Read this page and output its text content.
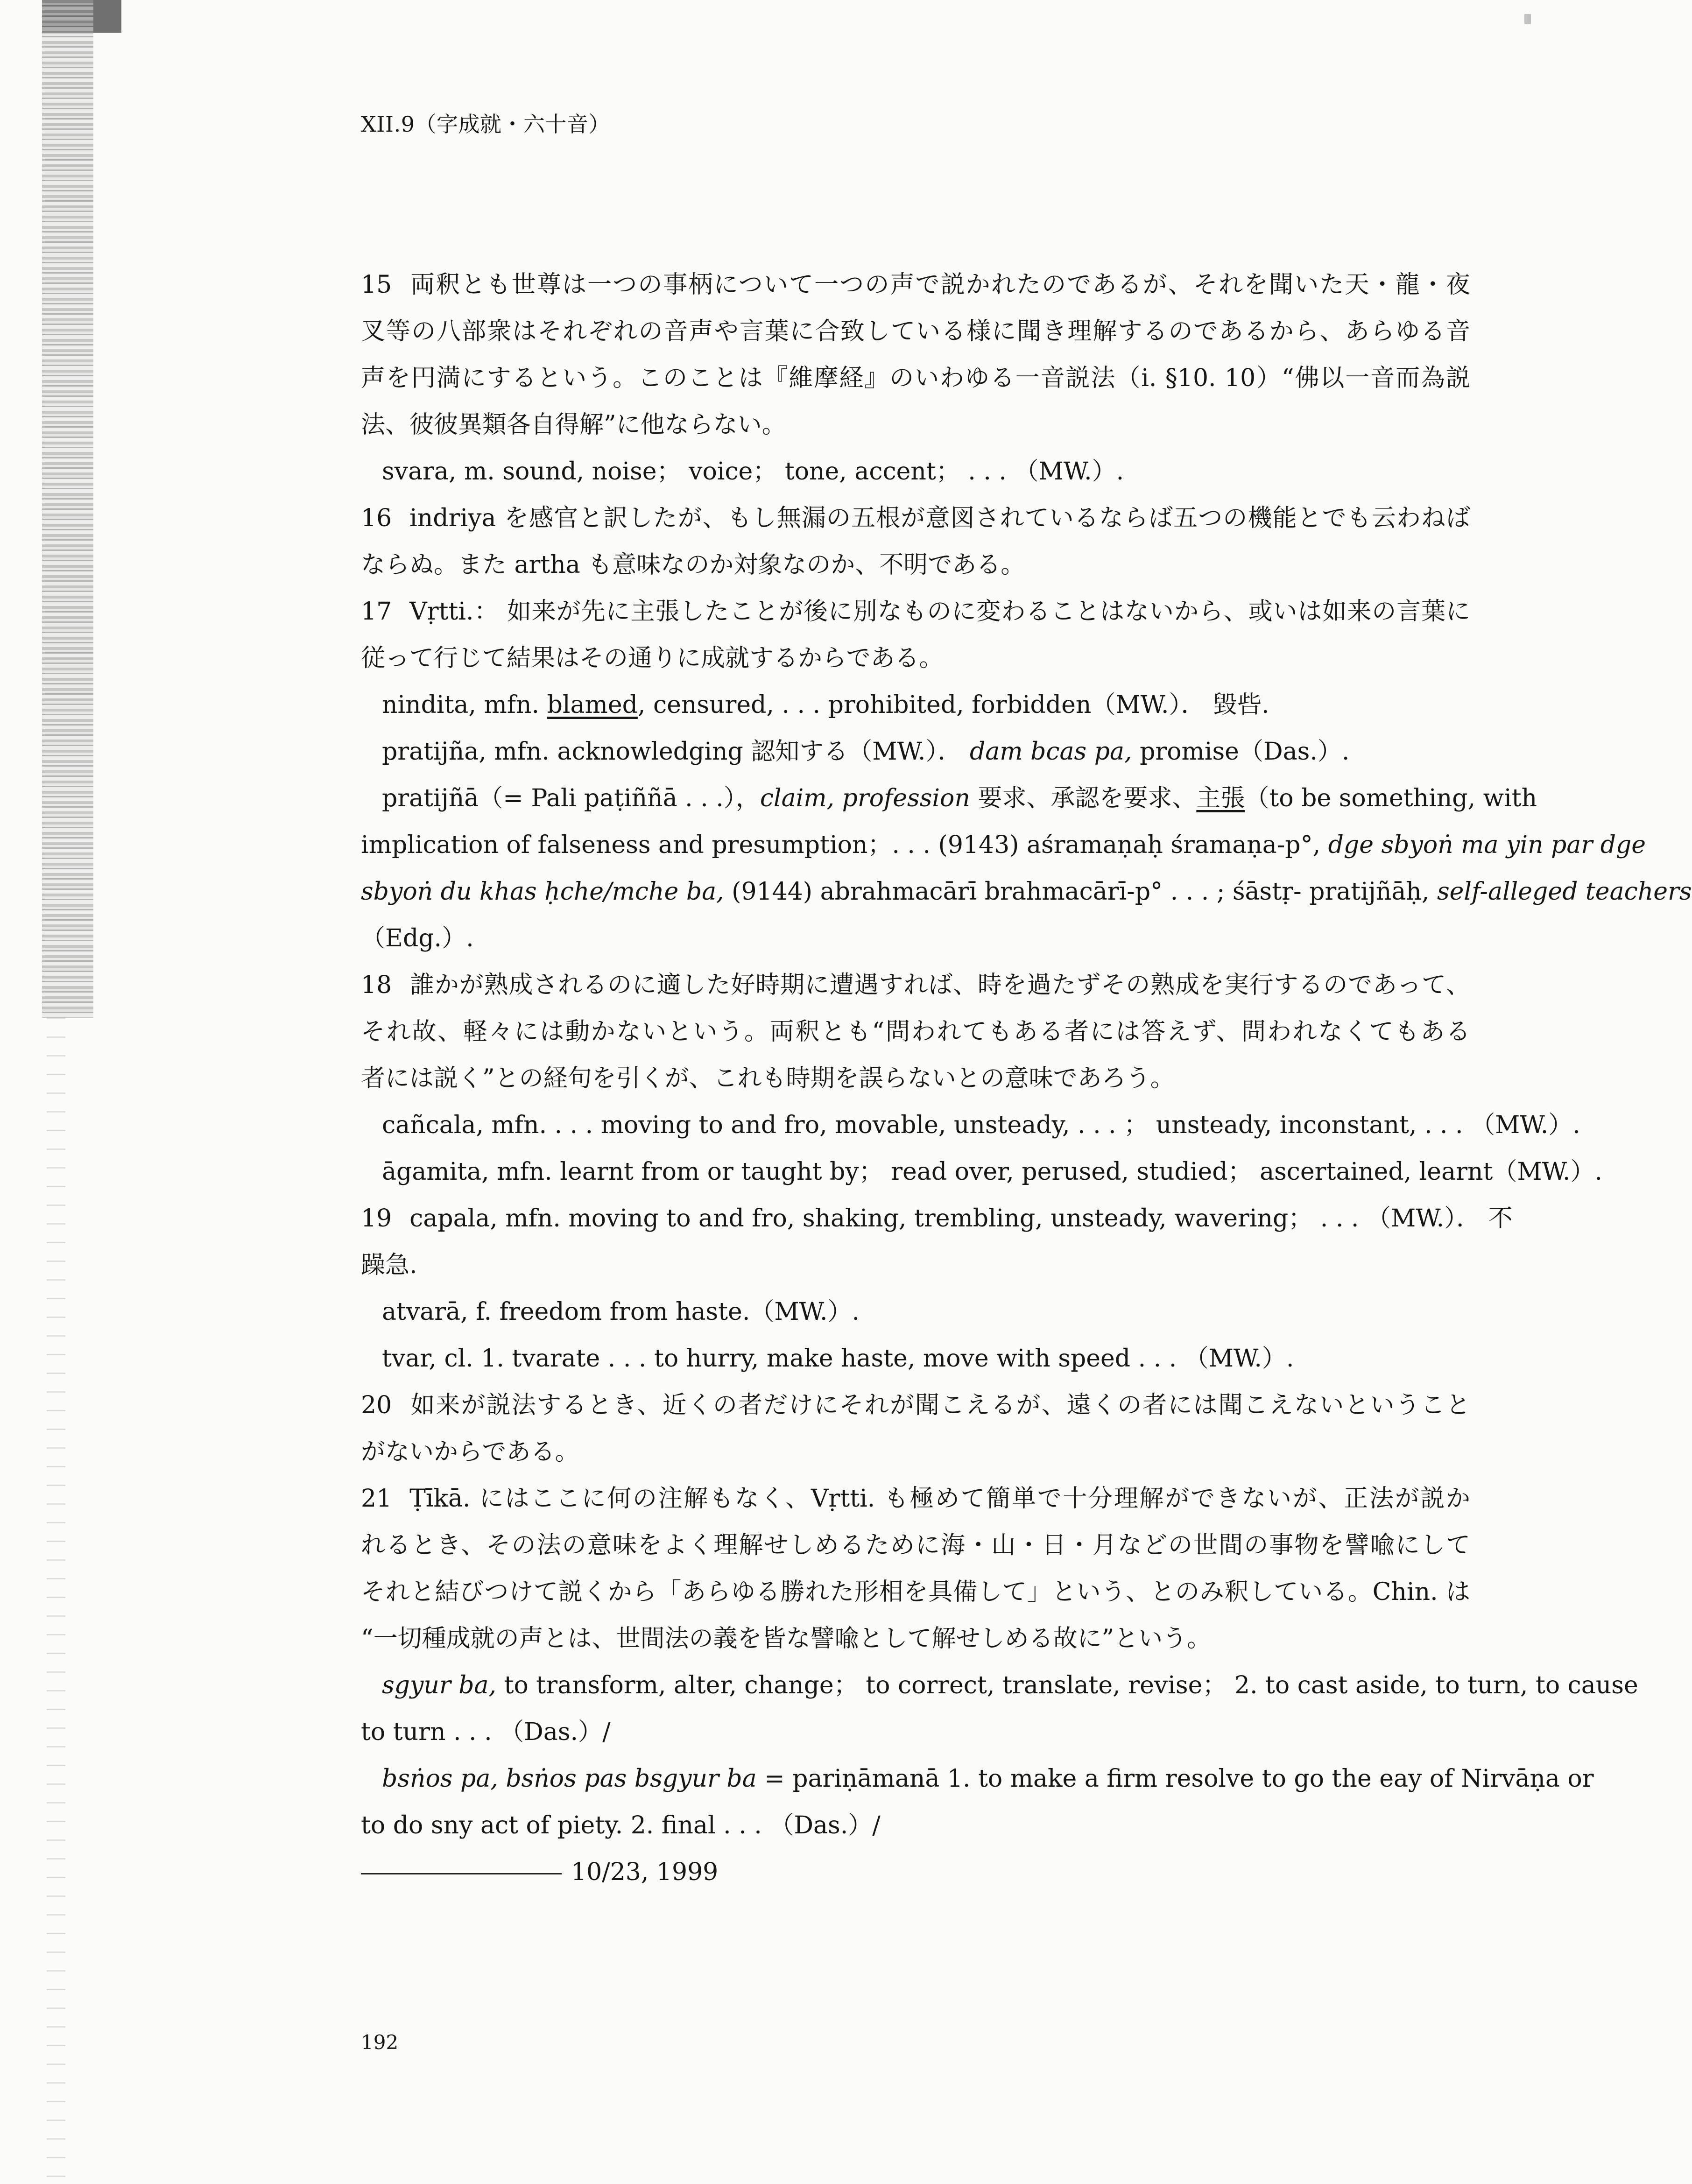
XII.9（字成就・六十音）
15 両釈とも世尊は一つの事柄について一つの声で説かれたのであるが、それを聞いた天・龍・夜
叉等の八部衆はそれぞれの音声や言葉に合致している様に聞き理解するのであるから、あらゆる音
声を円満にするという。このことは『維摩経』のいわゆる一音説法（i. §10. 10）“佛以一音而為説
法、彼彼異類各自得解”に他ならない。
svara, m. sound, noise； voice； tone, accent； . . . （MW.）.
16 indriya を感官と訳したが、もし無漏の五根が意図されているならば五つの機能とでも云わねば
ならぬ。また artha も意味なのか対象なのか、不明である。
17 Vṛtti.： 如来が先に主張したことが後に別なものに変わることはないから、或いは如来の言葉に
従って行じて結果はその通りに成就するからである。
nindita, mfn. blamed, censured, . . . prohibited, forbidden（MW.）． 毀呰.
pratijña, mfn. acknowledging 認知する（MW.）． dam bcas pa, promise（Das.）.
pratijñā（= Pali paṭiññā . . .），claim, profession 要求、承認を要求、主張（to be something, with
implication of falseness and presumption；. . . (9143) aśramaṇaḥ śramaṇa-p°, dge sbyoṅ ma yin par dge
sbyoṅ du khas ḥche/mche ba, (9144) abrahmacārī brahmacārī-p° . . . ; śāstṛ- pratijñāḥ, self-alleged teachers
（Edg.）.
18 誰かが熟成されるのに適した好時期に遭遇すれば、時を過たずその熟成を実行するのであって、
それ故、軽々には動かないという。両釈とも“問われてもある者には答えず、問われなくてもある
者には説く”との経句を引くが、これも時期を誤らないとの意味であろう。
cañcala, mfn. . . . moving to and fro, movable, unsteady, . . . ； unsteady, inconstant, . . . （MW.）.
āgamita, mfn. learnt from or taught by； read over, perused, studied； ascertained, learnt（MW.）.
19 capala, mfn. moving to and fro, shaking, trembling, unsteady, wavering； . . . （MW.）． 不
躁急.
atvarā, f. freedom from haste.（MW.）.
tvar, cl. 1. tvarate . . . to hurry, make haste, move with speed . . . （MW.）.
20 如来が説法するとき、近くの者だけにそれが聞こえるが、遠くの者には聞こえないということ
がないからである。
21 Ṭīkā. にはここに何の注解もなく、Vṛtti. も極めて簡単で十分理解ができないが、正法が説か
れるとき、その法の意味をよく理解せしめるために海・山・日・月などの世間の事物を譬喩にして
それと結びつけて説くから「あらゆる勝れた形相を具備して」という、とのみ釈している。Chin. は
“一切種成就の声とは、世間法の義を皆な譬喩として解せしめる故に”という。
sgyur ba, to transform, alter, change； to correct, translate, revise； 2. to cast aside, to turn, to cause
to turn . . . （Das.）/
bsṅos pa, bsṅos pas bsgyur ba = pariṇāmanā 1. to make a firm resolve to go the eay of Nirvāṇa or
to do sny act of piety. 2. final . . . （Das.）/
10/23, 1999
192
